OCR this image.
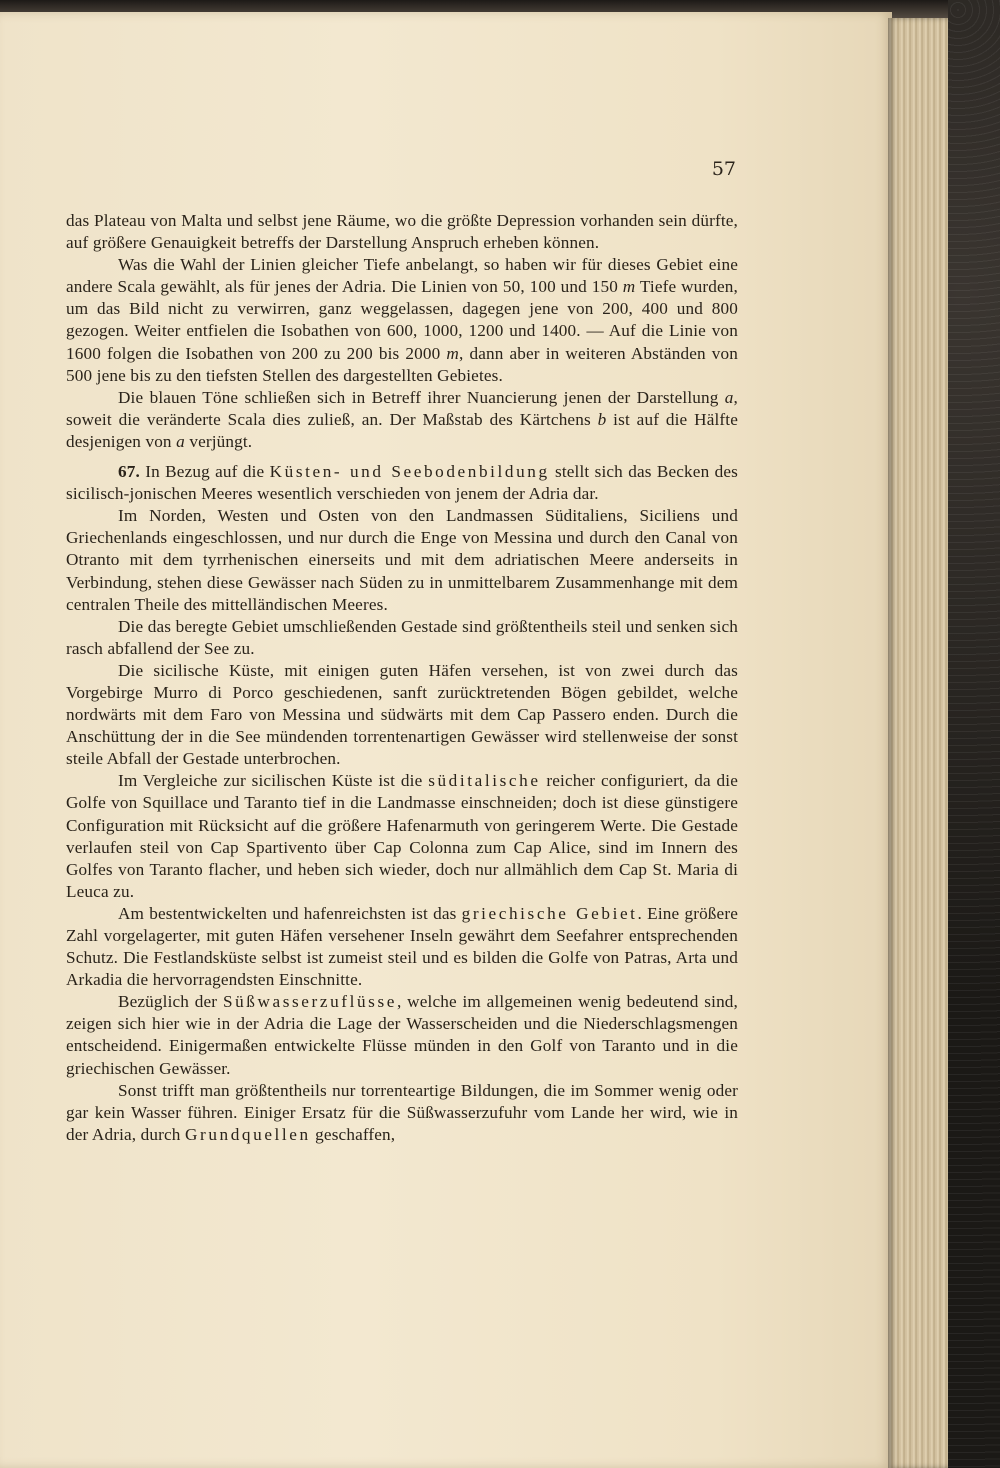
57

das Plateau von Malta und selbst jene Räume, wo die größte Depression vorhanden sein dürfte, auf größere Genauigkeit betreffs der Darstellung Anspruch erheben können.

Was die Wahl der Linien gleicher Tiefe anbelangt, so haben wir für dieses Gebiet eine andere Scala gewählt, als für jenes der Adria. Die Linien von 50, 100 und 150 m Tiefe wurden, um das Bild nicht zu verwirren, ganz weggelassen, dagegen jene von 200, 400 und 800 gezogen. Weiter entfielen die Isobathen von 600, 1000, 1200 und 1400. — Auf die Linie von 1600 folgen die Isobathen von 200 zu 200 bis 2000 m, dann aber in weiteren Abständen von 500 jene bis zu den tiefsten Stellen des dargestellten Gebietes.

Die blauen Töne schließen sich in Betreff ihrer Nuancierung jenen der Darstellung a, soweit die veränderte Scala dies zuließ, an. Der Maßstab des Kärtchens b ist auf die Hälfte desjenigen von a verjüngt.

67. In Bezug auf die Küsten- und Seebodenbildung stellt sich das Becken des sicilisch-jonischen Meeres wesentlich verschieden von jenem der Adria dar.

Im Norden, Westen und Osten von den Landmassen Süditaliens, Siciliens und Griechenlands eingeschlossen, und nur durch die Enge von Messina und durch den Canal von Otranto mit dem tyrrhenischen einerseits und mit dem adriatischen Meere anderseits in Verbindung, stehen diese Gewässer nach Süden zu in unmittelbarem Zusammenhange mit dem centralen Theile des mittelländischen Meeres.

Die das beregte Gebiet umschließenden Gestade sind größtentheils steil und senken sich rasch abfallend der See zu.

Die sicilische Küste, mit einigen guten Häfen versehen, ist von zwei durch das Vorgebirge Murro di Porco geschiedenen, sanft zurücktretenden Bögen gebildet, welche nordwärts mit dem Faro von Messina und südwärts mit dem Cap Passero enden. Durch die Anschüttung der in die See mündenden torrentenartigen Gewässer wird stellenweise der sonst steile Abfall der Gestade unterbrochen.

Im Vergleiche zur sicilischen Küste ist die süditalische reicher configuriert, da die Golfe von Squillace und Taranto tief in die Landmasse einschneiden; doch ist diese günstigere Configuration mit Rücksicht auf die größere Hafenarmuth von geringerem Werte. Die Gestade verlaufen steil von Cap Spartivento über Cap Colonna zum Cap Alice, sind im Innern des Golfes von Taranto flacher, und heben sich wieder, doch nur allmählich dem Cap St. Maria di Leuca zu.

Am bestentwickelten und hafenreichsten ist das griechische Gebiet. Eine größere Zahl vorgelagerter, mit guten Häfen versehener Inseln gewährt dem Seefahrer entsprechenden Schutz. Die Festlandsküste selbst ist zumeist steil und es bilden die Golfe von Patras, Arta und Arkadia die hervorragendsten Einschnitte.

Bezüglich der Süßwasserzuflüsse, welche im allgemeinen wenig bedeutend sind, zeigen sich hier wie in der Adria die Lage der Wasserscheiden und die Niederschlagsmengen entscheidend. Einigermaßen entwickelte Flüsse münden in den Golf von Taranto und in die griechischen Gewässer.

Sonst trifft man größtentheils nur torrenteartige Bildungen, die im Sommer wenig oder gar kein Wasser führen. Einiger Ersatz für die Süßwasserzufuhr vom Lande her wird, wie in der Adria, durch Grundquellen geschaffen,
